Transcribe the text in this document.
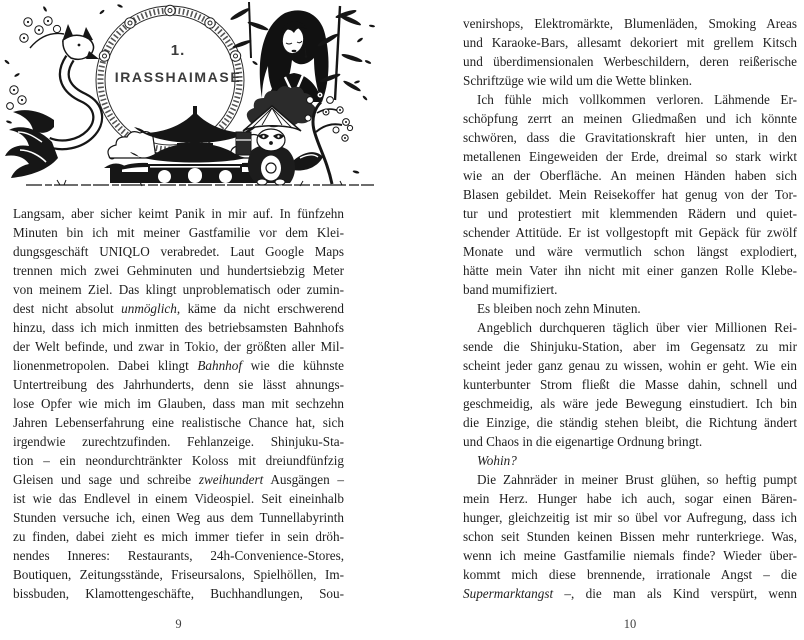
1.
IRASSHAIMASE
Langsam, aber sicher keimt Panik in mir auf. In fünfzehn
Minuten bin ich mit meiner Gastfamilie vor dem Klei-
dungsgeschäft UNIQLO verabredet. Laut Google Maps
trennen mich zwei Gehminuten und hundertsiebzig Meter
von meinem Ziel. Das klingt unproblematisch oder zumin-
dest nicht absolut unmöglich, käme da nicht erschwerend
hinzu, dass ich mich inmitten des betriebsamsten Bahnhofs
der Welt befinde, und zwar in Tokio, der größten aller Mil-
lionenmetropolen. Dabei klingt Bahnhof wie die kühnste
Untertreibung des Jahrhunderts, denn sie lässt ahnungs-
lose Opfer wie mich im Glauben, dass man mit sechzehn
Jahren Lebenserfahrung eine realistische Chance hat, sich
irgendwie zurechtzufinden. Fehlanzeige. Shinjuku-Sta-
tion – ein neondurchtränkter Koloss mit dreiundfünfzig
Gleisen und sage und schreibe zweihundert Ausgängen –
ist wie das Endlevel in einem Videospiel. Seit eineinhalb
Stunden versuche ich, einen Weg aus dem Tunnellabyrinth
zu finden, dabei zieht es mich immer tiefer in sein dröh-
nendes Inneres: Restaurants, 24h-Convenience-Stores,
Boutiquen, Zeitungsstände, Friseursalons, Spielhöllen, Im-
bissbuden, Klamottengeschäfte, Buchhandlungen, Sou-
venirshops, Elektromärkte, Blumenläden, Smoking Areas
und Karaoke-Bars, allesamt dekoriert mit grellem Kitsch
und überdimensionalen Werbeschildern, deren reißerische
Schriftzüge wie wild um die Wette blinken.
Ich fühle mich vollkommen verloren. Lähmende Er-
schöpfung zerrt an meinen Gliedmaßen und ich könnte
schwören, dass die Gravitationskraft hier unten, in den
metallenen Eingeweiden der Erde, dreimal so stark wirkt
wie an der Oberfläche. An meinen Händen haben sich
Blasen gebildet. Mein Reisekoffer hat genug von der Tor-
tur und protestiert mit klemmenden Rädern und quiet-
schender Attitüde. Er ist vollgestopft mit Gepäck für zwölf
Monate und wäre vermutlich schon längst explodiert,
hätte mein Vater ihn nicht mit einer ganzen Rolle Klebe-
band mumifiziert.
Es bleiben noch zehn Minuten.
Angeblich durchqueren täglich über vier Millionen Rei-
sende die Shinjuku-Station, aber im Gegensatz zu mir
scheint jeder ganz genau zu wissen, wohin er geht. Wie ein
kunterbunter Strom fließt die Masse dahin, schnell und
geschmeidig, als wäre jede Bewegung einstudiert. Ich bin
die Einzige, die ständig stehen bleibt, die Richtung ändert
und Chaos in die eigenartige Ordnung bringt.
Wohin?
Die Zahnräder in meiner Brust glühen, so heftig pumpt
mein Herz. Hunger habe ich auch, sogar einen Bären-
hunger, gleichzeitig ist mir so übel vor Aufregung, dass ich
schon seit Stunden keinen Bissen mehr runterkriege. Was,
wenn ich meine Gastfamilie niemals finde? Wieder über-
kommt mich diese brennende, irrationale Angst – die
Supermarktangst –, die man als Kind verspürt, wenn
9	10
